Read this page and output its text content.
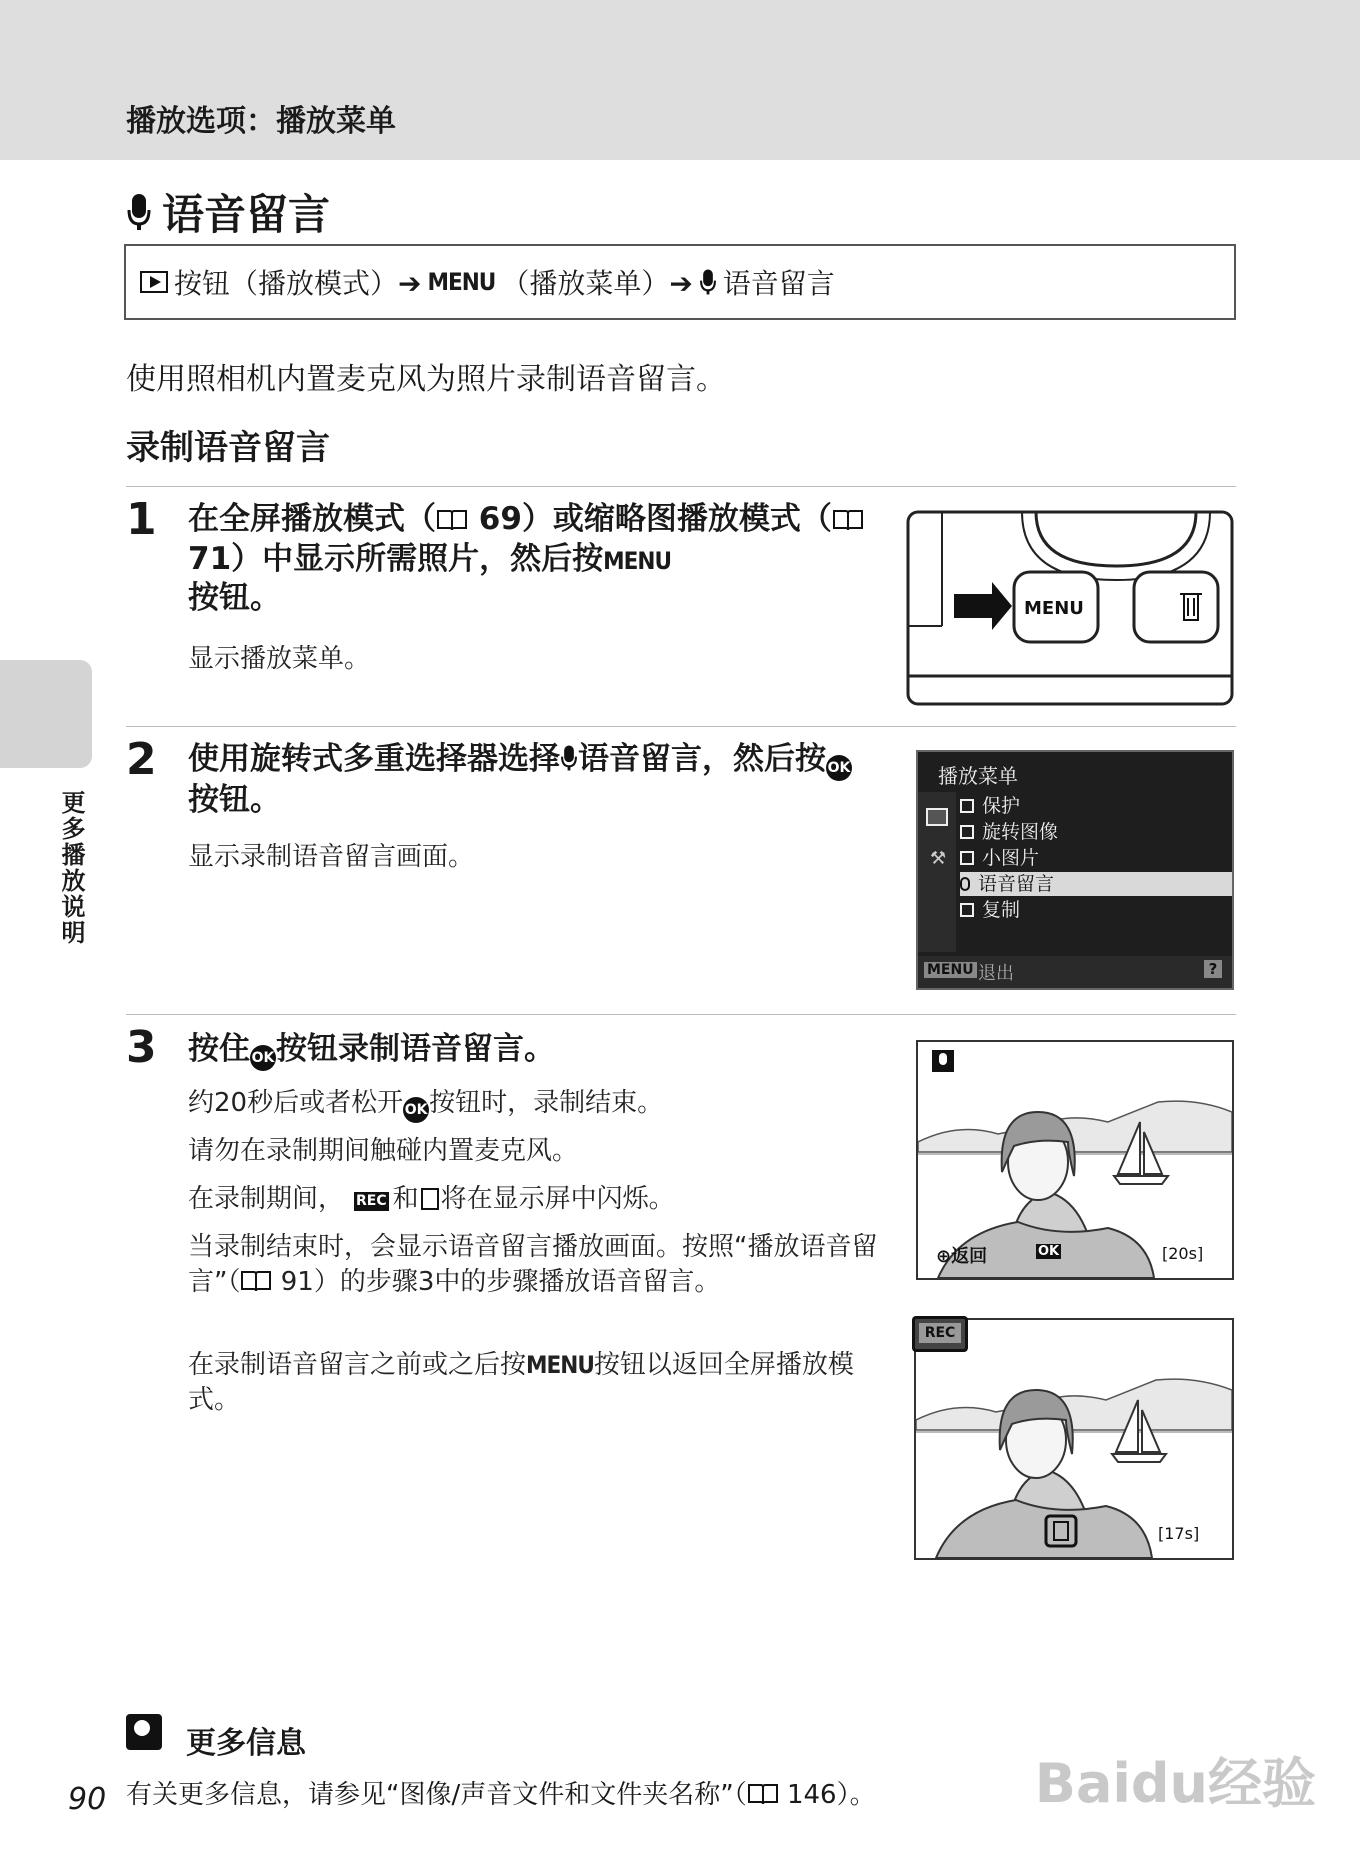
播放选项：播放菜单
语音留言
按钮（播放模式）➔ MENU （播放菜单）➔ 语音留言
使用照相机内置麦克风为照片录制语音留言。
录制语音留言
1 在全屏播放模式（ 69）或缩略图播放模式（ 71）中显示所需照片，然后按MENU
按钮。
显示播放菜单。
MENU
2 使用旋转式多重选择器选择 语音留言，然后按 OK按钮。
显示录制语音留言画面。
播放菜单
⚒
保护
旋转图像
小图片
语音留言
复制
MENU 退出	?
3 按住 OK按钮录制语音留言。
约20秒后或者松开 OK按钮时，录制结束。
请勿在录制期间触碰内置麦克风。
在录制期间， REC 和 将在显示屏中闪烁。
当录制结束时，会显示语音留言播放画面。按照“播放语音留言”（ 91）的步骤3中的步骤播放语音留言。
在录制语音留言之前或之后按MENU按钮以返回全屏播放模式。
⊕返回	OK	[20s]
REC
[17s]
更多播放说明
更多信息
有关更多信息，请参见“图像/声音文件和文件夹名称”（ 146）。
90	Baidu经验
